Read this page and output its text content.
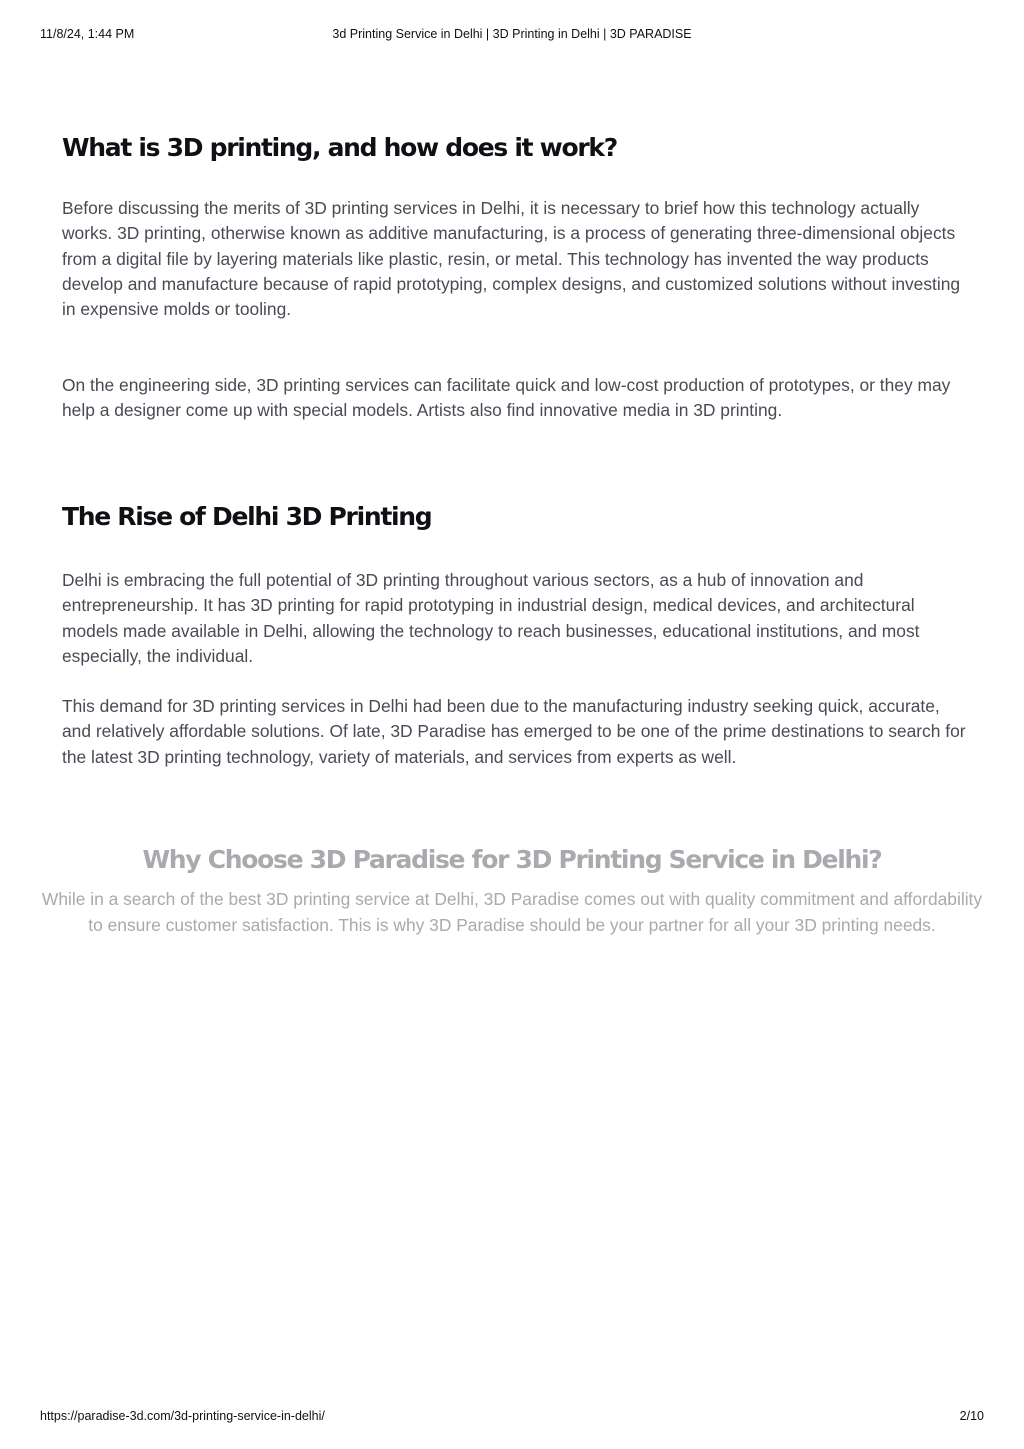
11/8/24, 1:44 PM	3d Printing Service in Delhi | 3D Printing in Delhi | 3D PARADISE
What is 3D printing, and how does it work?

Before discussing the merits of 3D printing services in Delhi, it is necessary to brief how this technology actually works. 3D printing, otherwise known as additive manufacturing, is a process of generating three-dimensional objects from a digital file by layering materials like plastic, resin, or metal. This technology has invented the way products develop and manufacture because of rapid prototyping, complex designs, and customized solutions without investing in expensive molds or tooling.

On the engineering side, 3D printing services can facilitate quick and low-cost production of prototypes, or they may help a designer come up with special models. Artists also find innovative media in 3D printing.

The Rise of Delhi 3D Printing

Delhi is embracing the full potential of 3D printing throughout various sectors, as a hub of innovation and entrepreneurship. It has 3D printing for rapid prototyping in industrial design, medical devices, and architectural models made available in Delhi, allowing the technology to reach businesses, educational institutions, and most especially, the individual.

This demand for 3D printing services in Delhi had been due to the manufacturing industry seeking quick, accurate, and relatively affordable solutions. Of late, 3D Paradise has emerged to be one of the prime destinations to search for the latest 3D printing technology, variety of materials, and services from experts as well.

Why Choose 3D Paradise for 3D Printing Service in Delhi?

While in a search of the best 3D printing service at Delhi, 3D Paradise comes out with quality commitment and affordability to ensure customer satisfaction. This is why 3D Paradise should be your partner for all your 3D printing needs.

https://paradise-3d.com/3d-printing-service-in-delhi/	2/10
